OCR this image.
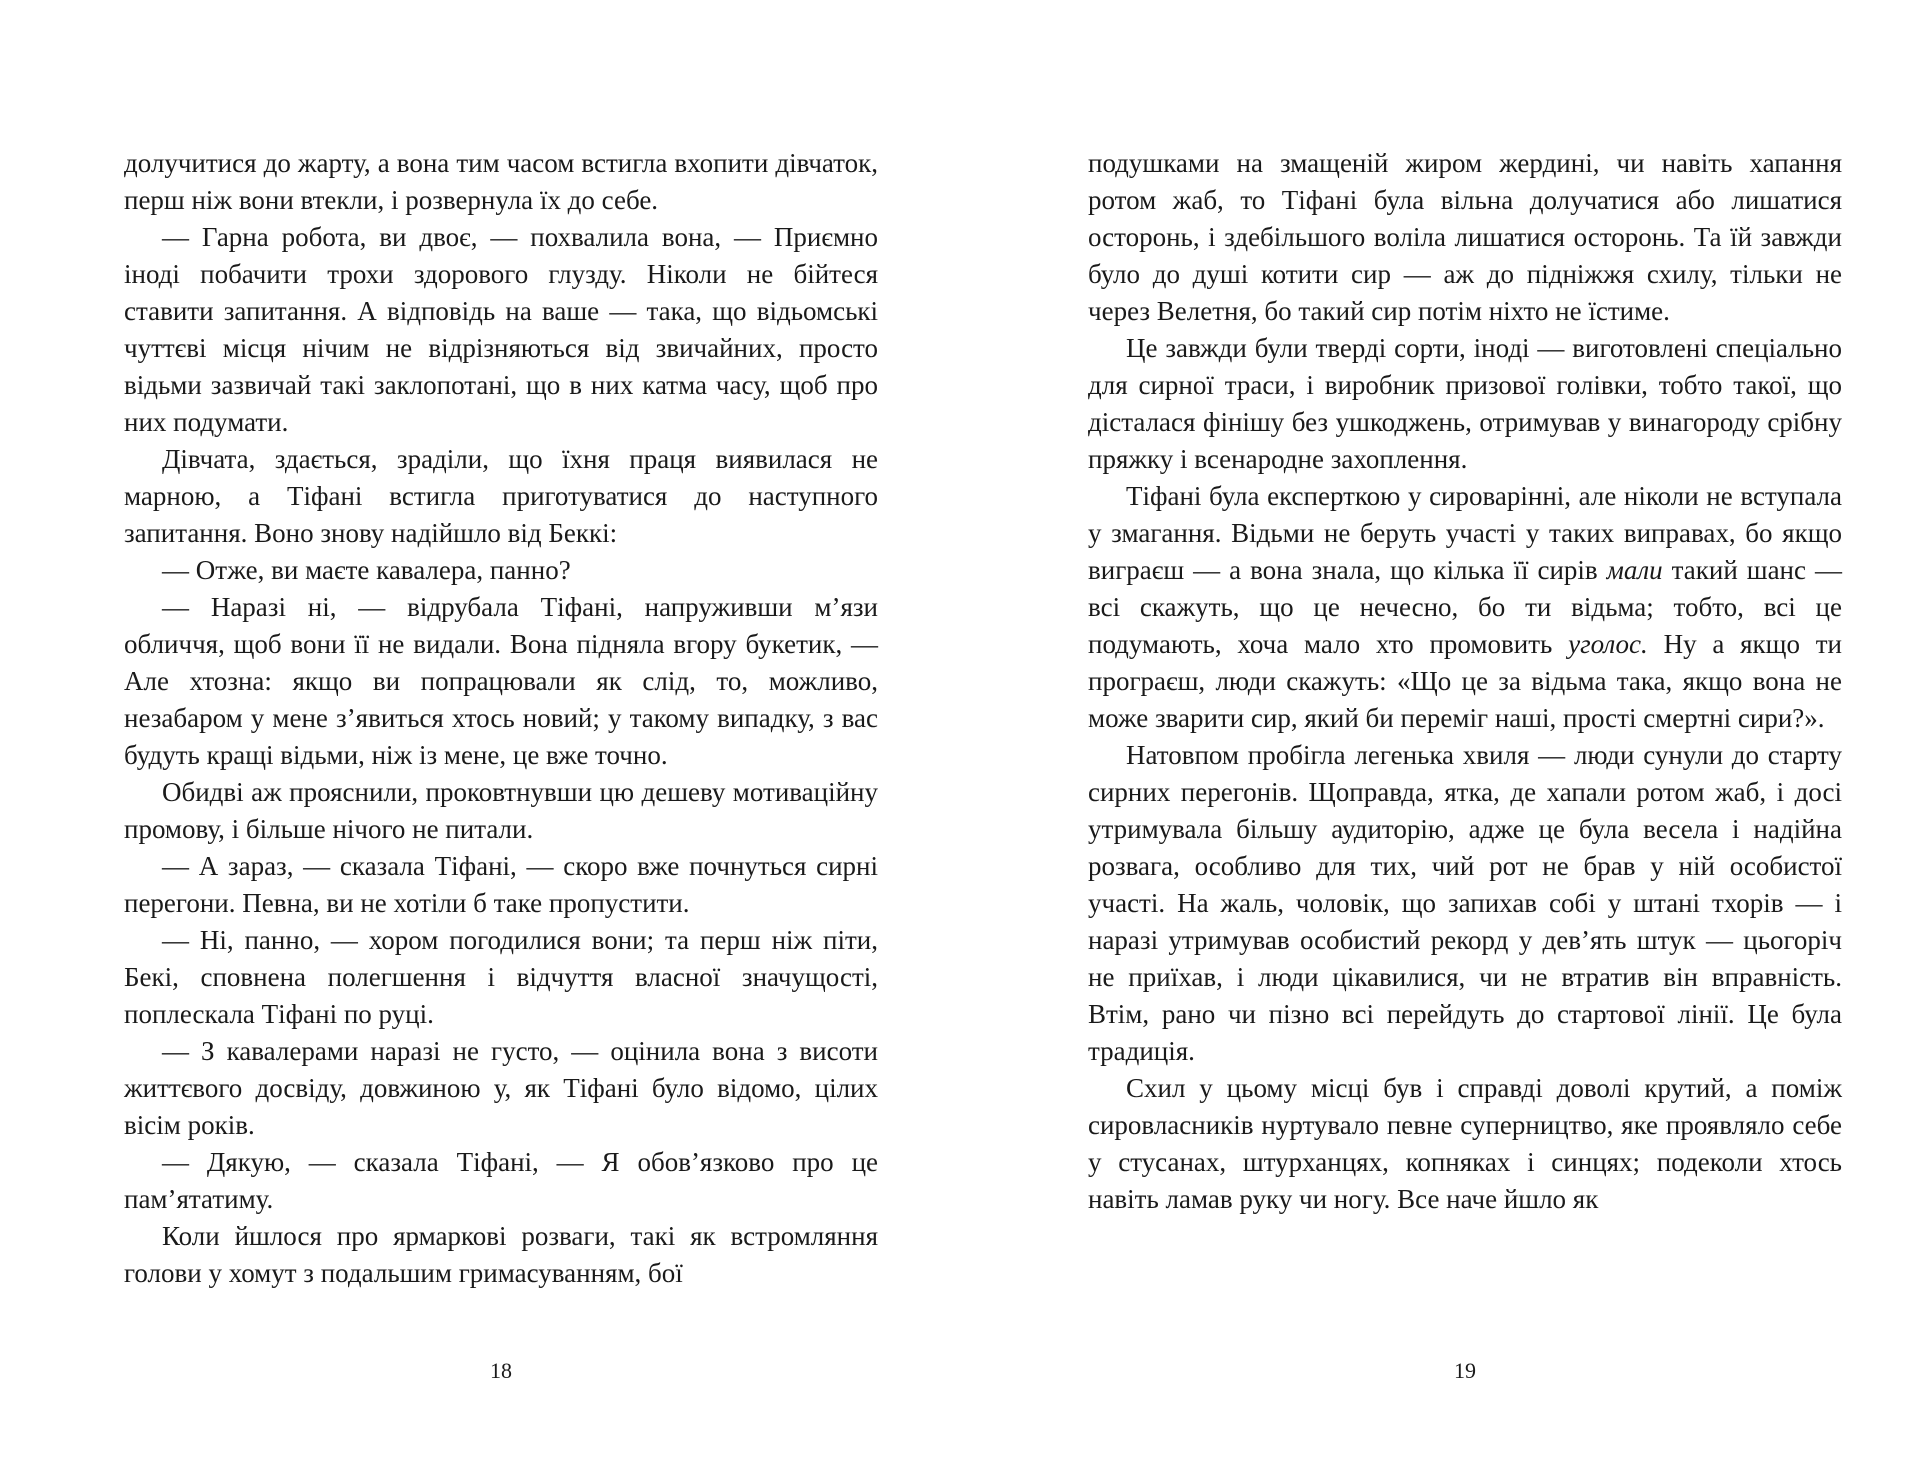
долучитися до жарту, а вона тим часом встигла вхопити дівчаток, перш ніж вони втекли, і розвернула їх до себе.

— Гарна робота, ви двоє, — похвалила вона, — Приємно іноді побачити трохи здорового глузду. Ніколи не бійтеся ставити запитання. А відповідь на ваше — така, що відьомські чуттєві місця нічим не відрізняються від звичайних, просто відьми зазвичай такі заклопотані, що в них катма часу, щоб про них подумати.

Дівчата, здається, зраділи, що їхня праця виявилася не марною, а Тіфані встигла приготуватися до наступного запитання. Воно знову надійшло від Беккі:

— Отже, ви маєте кавалера, панно?

— Наразі ні, — відрубала Тіфані, напруживши м’язи обличчя, щоб вони її не видали. Вона підняла вгору букетик, — Але хтозна: якщо ви попрацювали як слід, то, можливо, незабаром у мене з’явиться хтось новий; у такому випадку, з вас будуть кращі відьми, ніж із мене, це вже точно.

Обидві аж прояснили, проковтнувши цю дешеву мотиваційну промову, і більше нічого не питали.

— А зараз, — сказала Тіфані, — скоро вже почнуться сирні перегони. Певна, ви не хотіли б таке пропустити.

— Ні, панно, — хором погодилися вони; та перш ніж піти, Бекі, сповнена полегшення і відчуття власної значущості, поплескала Тіфані по руці.

— З кавалерами наразі не густо, — оцінила вона з висоти життєвого досвіду, довжиною у, як Тіфані було відомо, цілих вісім років.

— Дякую, — сказала Тіфані, — Я обов’язково про це пам’ятатиму.

Коли йшлося про ярмаркові розваги, такі як встромляння голови у хомут з подальшим гримасуванням, бої

подушками на змащеній жиром жердині, чи навіть хапання ротом жаб, то Тіфані була вільна долучатися або лишатися осторонь, і здебільшого воліла лишатися осторонь. Та їй завжди було до душі котити сир — аж до підніжжя схилу, тільки не через Велетня, бо такий сир потім ніхто не їстиме.

Це завжди були тверді сорти, іноді — виготовлені спеціально для сирної траси, і виробник призової голівки, тобто такої, що дісталася фінішу без ушкоджень, отримував у винагороду срібну пряжку і всенародне захоплення.

Тіфані була експерткою у сироварінні, але ніколи не вступала у змагання. Відьми не беруть участі у таких виправах, бо якщо виграєш — а вона знала, що кілька її сирів мали такий шанс — всі скажуть, що це нечесно, бо ти відьма; тобто, всі це подумають, хоча мало хто промовить уголос. Ну а якщо ти програєш, люди скажуть: «Що це за відьма така, якщо вона не може зварити сир, який би переміг наші, прості смертні сири?».

Натовпом пробігла легенька хвиля — люди сунули до старту сирних перегонів. Щоправда, ятка, де хапали ротом жаб, і досі утримувала більшу аудиторію, адже це була весела і надійна розвага, особливо для тих, чий рот не брав у ній особистої участі. На жаль, чоловік, що запихав собі у штані тхорів — і наразі утримував особистий рекорд у дев’ять штук — цьогоріч не приїхав, і люди цікавилися, чи не втратив він вправність. Втім, рано чи пізно всі перейдуть до стартової лінії. Це була традиція.

Схил у цьому місці був і справді доволі крутий, а поміж сировласників нуртувало певне суперництво, яке проявляло себе у стусанах, штурханцях, копняках і синцях; подеколи хтось навіть ламав руку чи ногу. Все наче йшло як

18	19
